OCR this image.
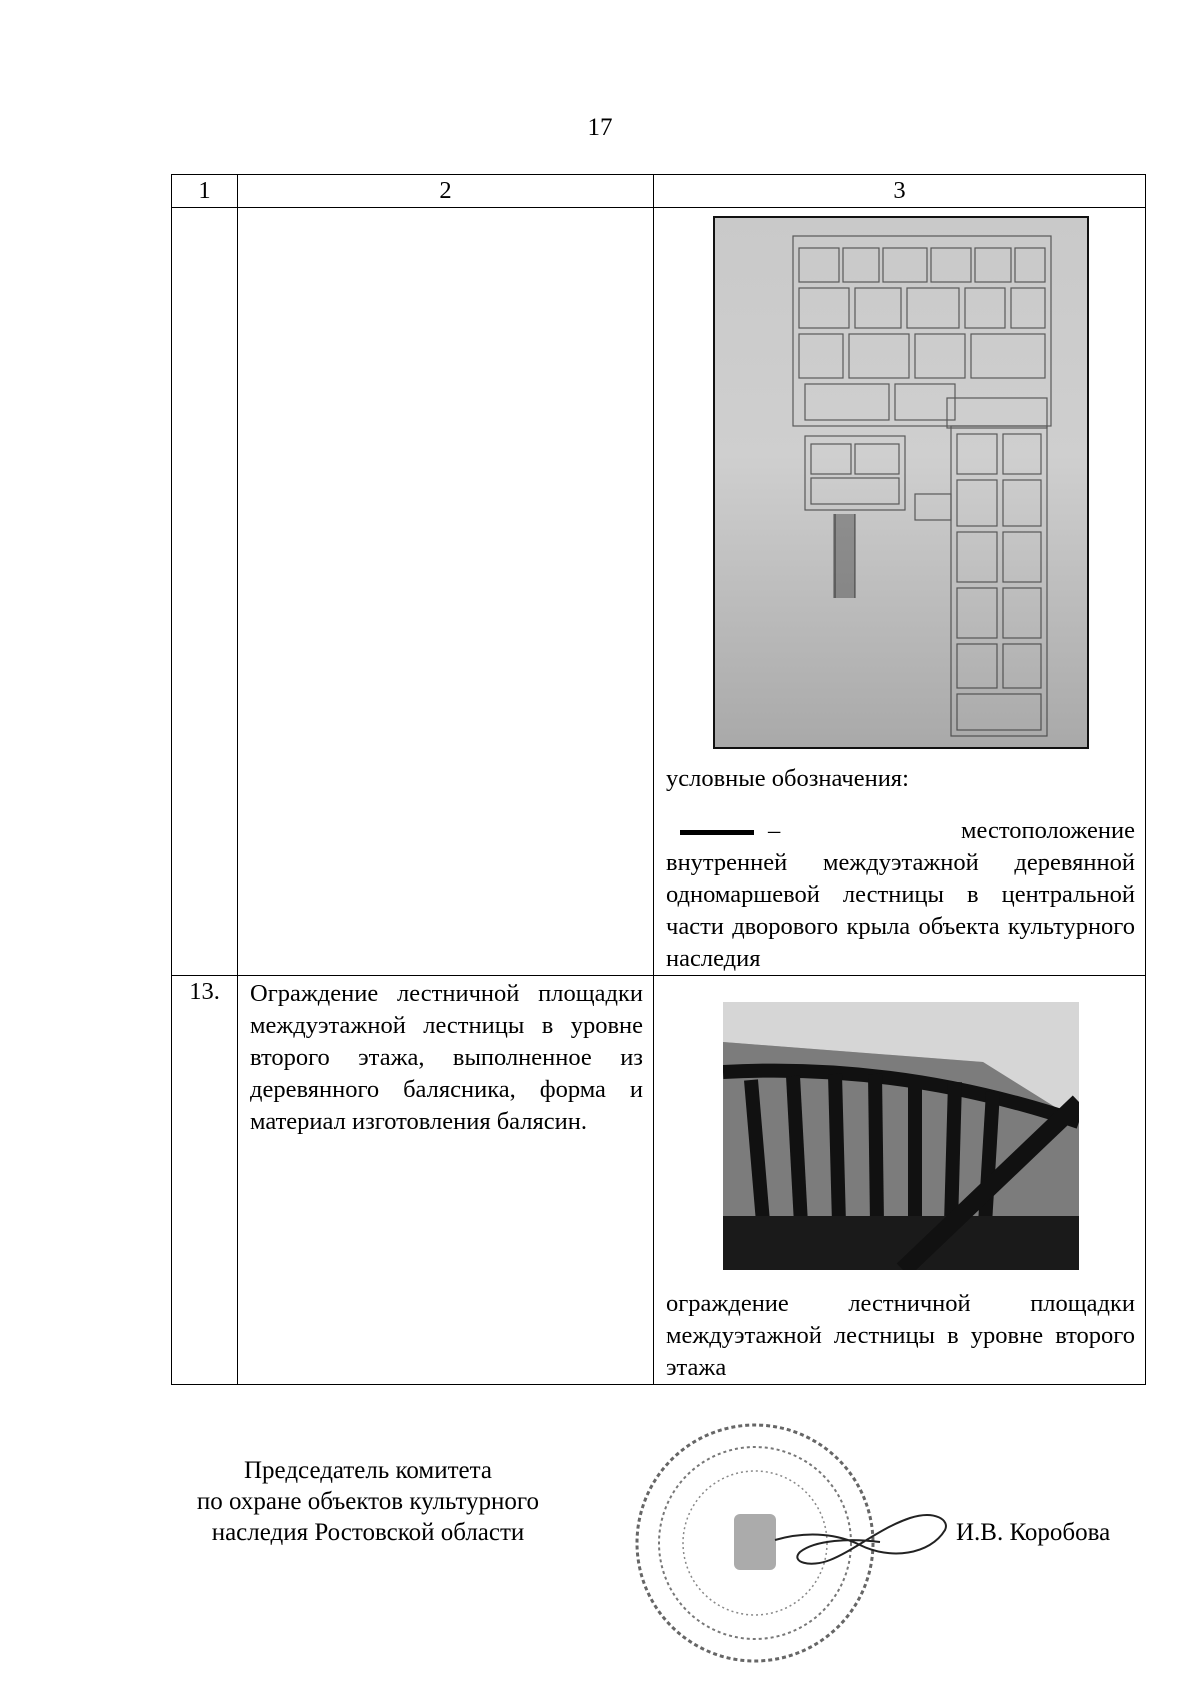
17
1	2	3

		условные обозначения:
– местоположение
внутренней междуэтажной деревянной одномаршевой лестницы в центральной части дворового крыла объекта культурного наследия

13.	Ограждение лестничной площадки междуэтажной лестницы в уровне второго этажа, выполненное из деревянного балясника, форма и материал изготовления балясин.	ограждение лестничной площадки междуэтажной лестницы в уровне второго этажа
Председатель комитета
по охране объектов культурного
наследия Ростовской области	И.В. Коробова
